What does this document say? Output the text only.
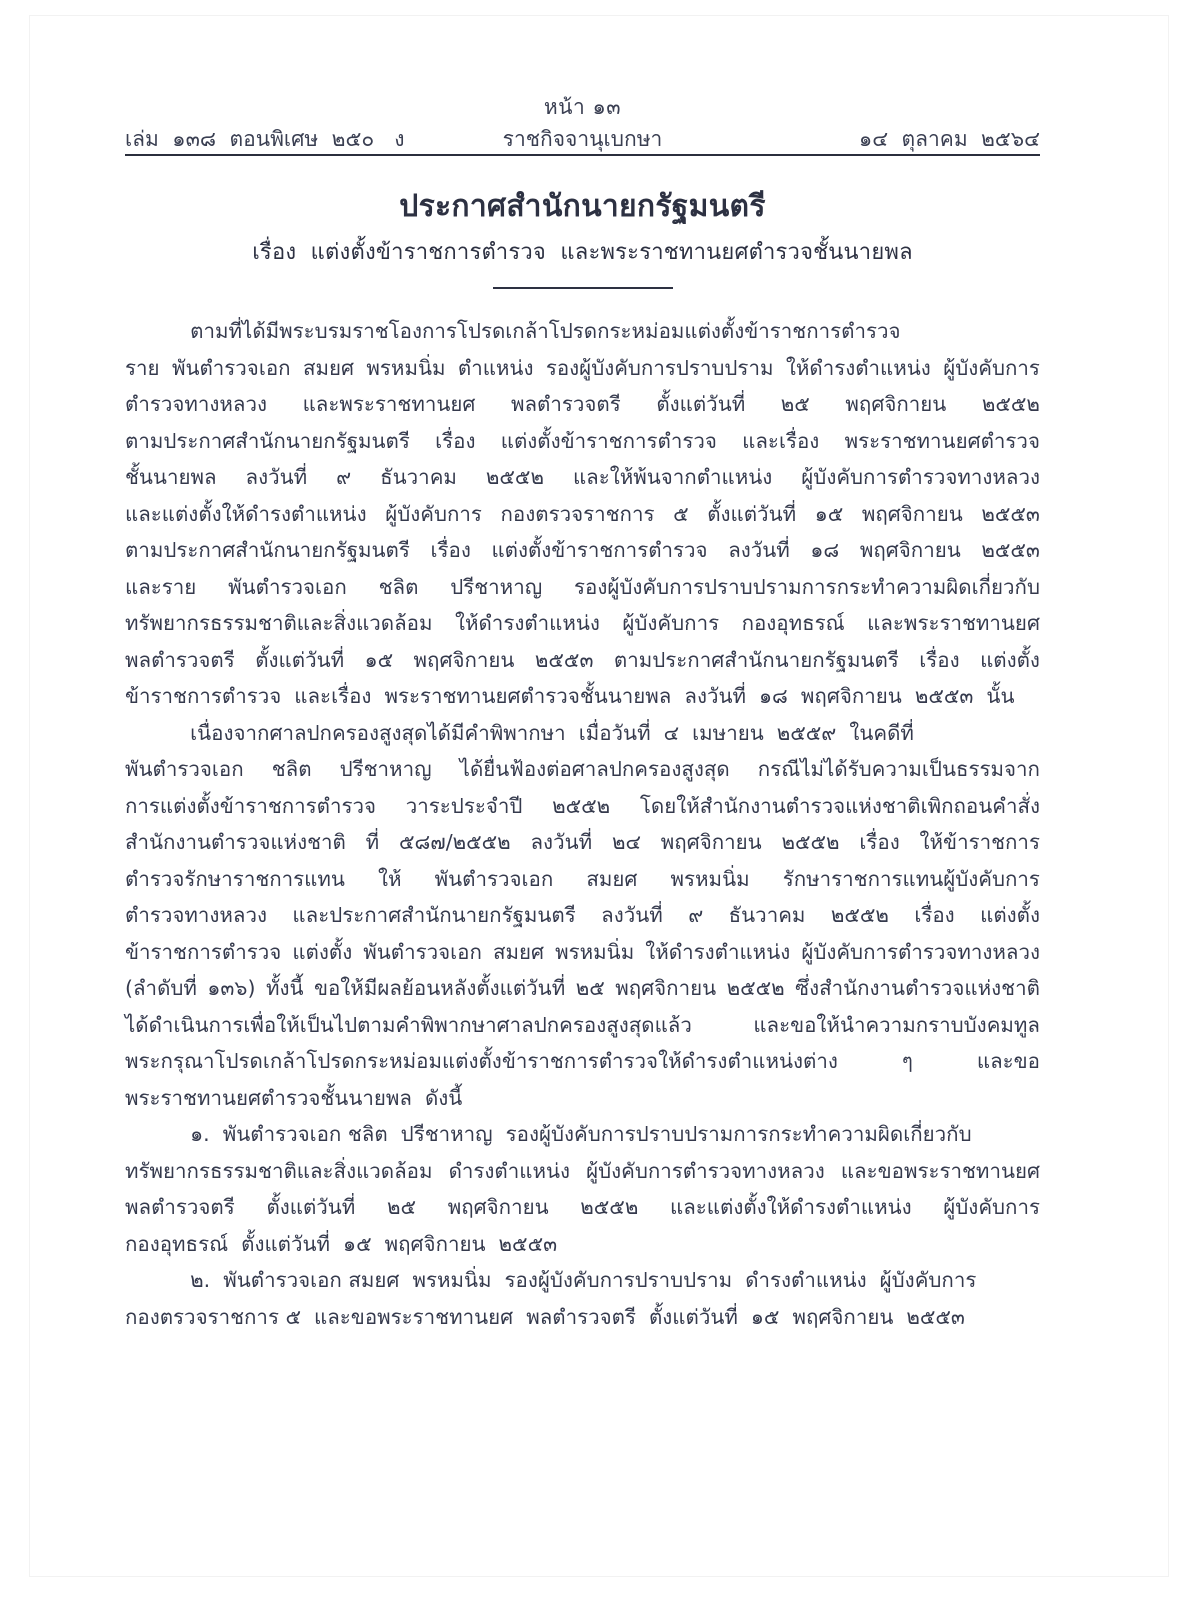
หน้า ๑๓
เล่ม  ๑๓๘  ตอนพิเศษ  ๒๕๐   ง	ราชกิจจานุเบกษา	๑๔  ตุลาคม  ๒๕๖๔
ประกาศสำนักนายกรัฐมนตรี
เรื่อง  แต่งตั้งข้าราชการตำรวจ  และพระราชทานยศตำรวจชั้นนายพล
ตามที่ได้มีพระบรมราชโองการโปรดเกล้าโปรดกระหม่อมแต่งตั้งข้าราชการตำรวจ
ราย พันตำรวจเอก สมยศ พรหมนิ่ม ตำแหน่ง รองผู้บังคับการปราบปราม ให้ดำรงตำแหน่ง ผู้บังคับการ
ตำรวจทางหลวง และพระราชทานยศ พลตำรวจตรี ตั้งแต่วันที่ ๒๕ พฤศจิกายน ๒๕๕๒
ตามประกาศสำนักนายกรัฐมนตรี เรื่อง แต่งตั้งข้าราชการตำรวจ และเรื่อง พระราชทานยศตำรวจ
ชั้นนายพล ลงวันที่ ๙ ธันวาคม ๒๕๕๒ และให้พ้นจากตำแหน่ง ผู้บังคับการตำรวจทางหลวง
และแต่งตั้งให้ดำรงตำแหน่ง ผู้บังคับการ กองตรวจราชการ ๕ ตั้งแต่วันที่ ๑๕ พฤศจิกายน ๒๕๕๓
ตามประกาศสำนักนายกรัฐมนตรี เรื่อง แต่งตั้งข้าราชการตำรวจ ลงวันที่ ๑๘ พฤศจิกายน ๒๕๕๓
และราย พันตำรวจเอก ชลิต ปรีชาหาญ รองผู้บังคับการปราบปรามการกระทำความผิดเกี่ยวกับ
ทรัพยากรธรรมชาติและสิ่งแวดล้อม ให้ดำรงตำแหน่ง ผู้บังคับการ กองอุทธรณ์ และพระราชทานยศ
พลตำรวจตรี ตั้งแต่วันที่ ๑๕ พฤศจิกายน ๒๕๕๓ ตามประกาศสำนักนายกรัฐมนตรี เรื่อง แต่งตั้ง
ข้าราชการตำรวจ  และเรื่อง  พระราชทานยศตำรวจชั้นนายพล  ลงวันที่  ๑๘  พฤศจิกายน  ๒๕๕๓  นั้น
เนื่องจากศาลปกครองสูงสุดได้มีคำพิพากษา  เมื่อวันที่  ๔  เมษายน  ๒๕๕๙  ในคดีที่
พันตำรวจเอก ชลิต ปรีชาหาญ ได้ยื่นฟ้องต่อศาลปกครองสูงสุด กรณีไม่ได้รับความเป็นธรรมจาก
การแต่งตั้งข้าราชการตำรวจ วาระประจำปี ๒๕๕๒ โดยให้สำนักงานตำรวจแห่งชาติเพิกถอนคำสั่ง
สำนักงานตำรวจแห่งชาติ ที่ ๕๘๗/๒๕๕๒ ลงวันที่ ๒๔ พฤศจิกายน ๒๕๕๒ เรื่อง ให้ข้าราชการ
ตำรวจรักษาราชการแทน ให้ พันตำรวจเอก สมยศ พรหมนิ่ม รักษาราชการแทนผู้บังคับการ
ตำรวจทางหลวง และประกาศสำนักนายกรัฐมนตรี ลงวันที่ ๙ ธันวาคม ๒๕๕๒ เรื่อง แต่งตั้ง
ข้าราชการตำรวจ แต่งตั้ง พันตำรวจเอก สมยศ พรหมนิ่ม ให้ดำรงตำแหน่ง ผู้บังคับการตำรวจทางหลวง
(ลำดับที่ ๑๓๖) ทั้งนี้ ขอให้มีผลย้อนหลังตั้งแต่วันที่ ๒๕ พฤศจิกายน ๒๕๕๒ ซึ่งสำนักงานตำรวจแห่งชาติ
ได้ดำเนินการเพื่อให้เป็นไปตามคำพิพากษาศาลปกครองสูงสุดแล้ว	และขอให้นำความกราบบังคมทูล
พระกรุณาโปรดเกล้าโปรดกระหม่อมแต่งตั้งข้าราชการตำรวจให้ดำรงตำแหน่งต่าง	ๆ	และขอ
พระราชทานยศตำรวจชั้นนายพล  ดังนี้
๑.  พันตำรวจเอก ชลิต  ปรีชาหาญ  รองผู้บังคับการปราบปรามการกระทำความผิดเกี่ยวกับ
ทรัพยากรธรรมชาติและสิ่งแวดล้อม ดำรงตำแหน่ง ผู้บังคับการตำรวจทางหลวง และขอพระราชทานยศ
พลตำรวจตรี ตั้งแต่วันที่ ๒๕ พฤศจิกายน ๒๕๕๒ และแต่งตั้งให้ดำรงตำแหน่ง ผู้บังคับการ
กองอุทธรณ์  ตั้งแต่วันที่  ๑๕  พฤศจิกายน  ๒๕๕๓
๒.  พันตำรวจเอก สมยศ  พรหมนิ่ม  รองผู้บังคับการปราบปราม  ดำรงตำแหน่ง  ผู้บังคับการ
กองตรวจราชการ ๕  และขอพระราชทานยศ  พลตำรวจตรี  ตั้งแต่วันที่  ๑๕  พฤศจิกายน  ๒๕๕๓
